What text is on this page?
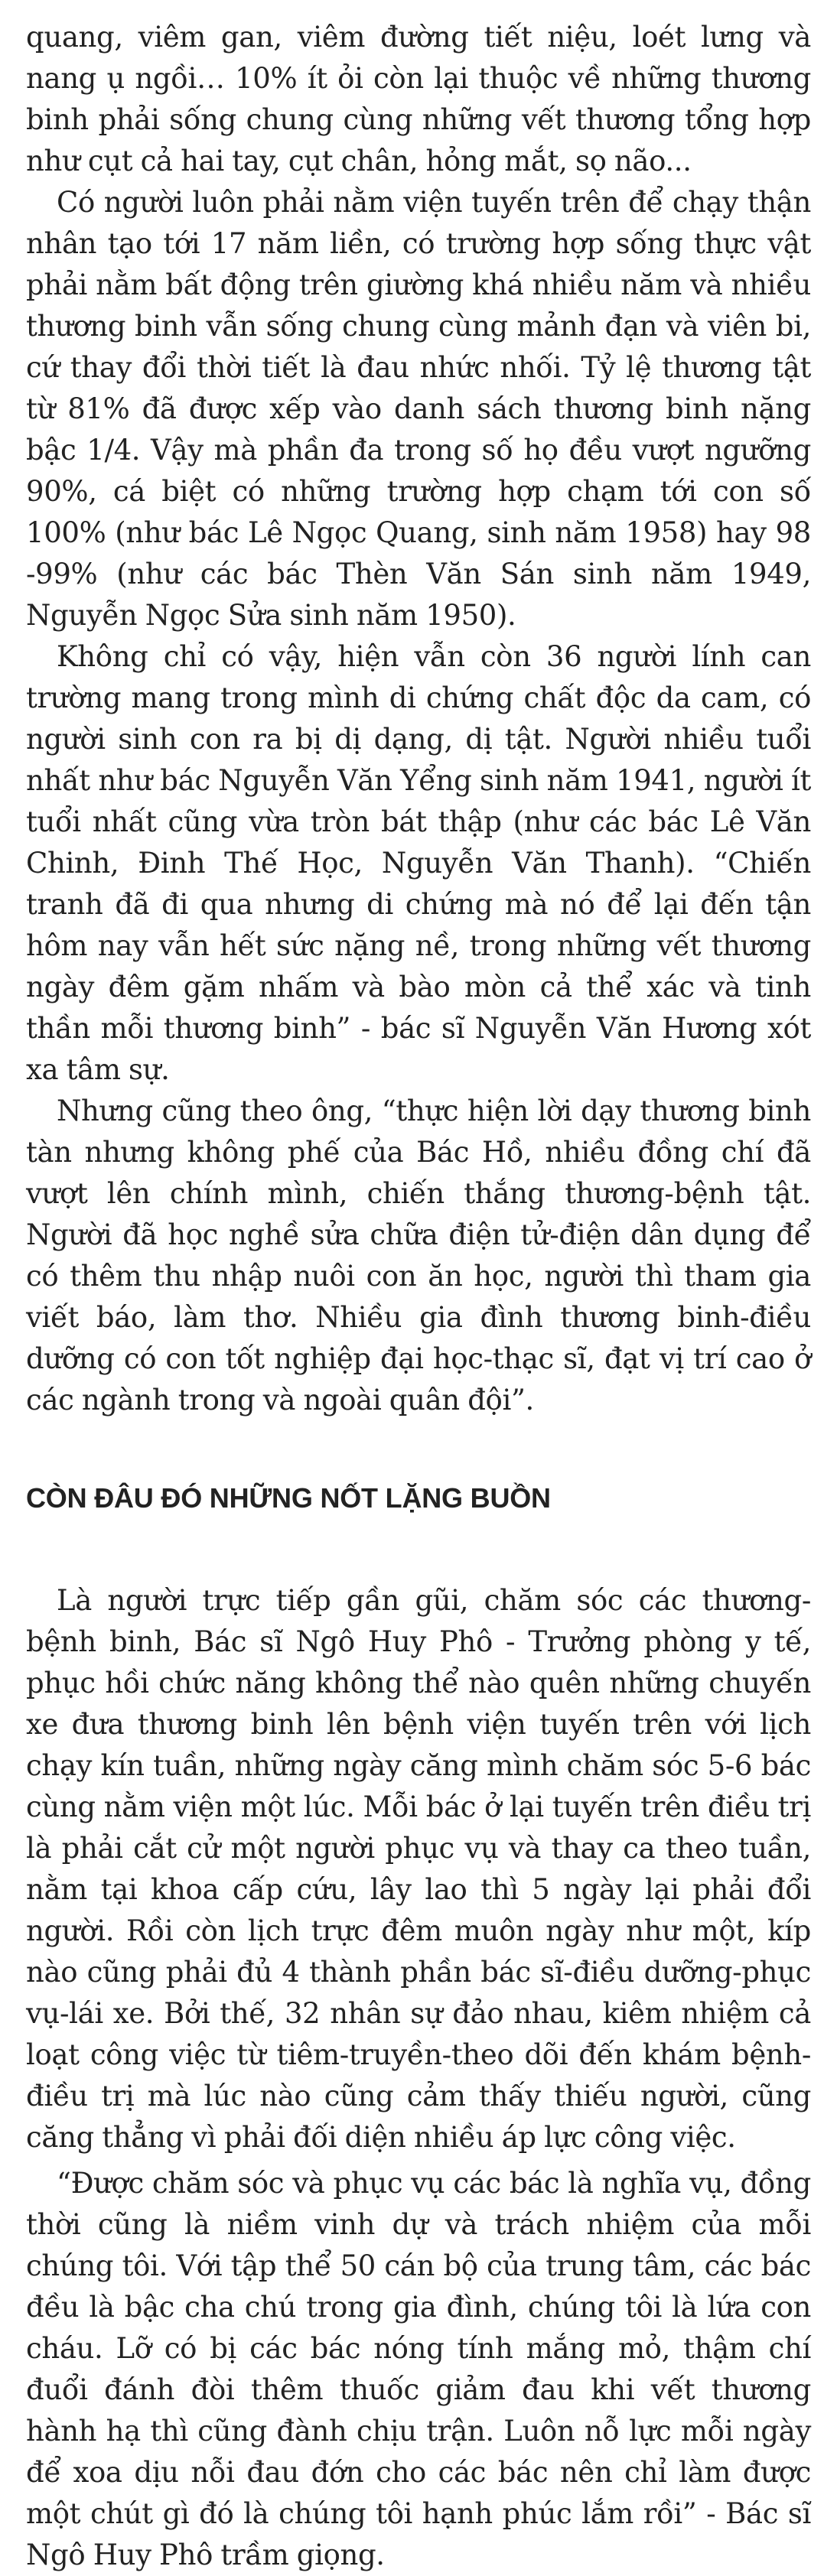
quang, viêm gan, viêm đường tiết niệu, loét lưng và nang ụ ngồi… 10% ít ỏi còn lại thuộc về những thương binh phải sống chung cùng những vết thương tổng hợp như cụt cả hai tay, cụt chân, hỏng mắt, sọ não...

Có người luôn phải nằm viện tuyến trên để chạy thận nhân tạo tới 17 năm liền, có trường hợp sống thực vật phải nằm bất động trên giường khá nhiều năm và nhiều thương binh vẫn sống chung cùng mảnh đạn và viên bi, cứ thay đổi thời tiết là đau nhức nhối. Tỷ lệ thương tật từ 81% đã được xếp vào danh sách thương binh nặng bậc 1/4. Vậy mà phần đa trong số họ đều vượt ngưỡng 90%, cá biệt có những trường hợp chạm tới con số 100% (như bác Lê Ngọc Quang, sinh năm 1958) hay 98 -99% (như các bác Thèn Văn Sán sinh năm 1949, Nguyễn Ngọc Sửa sinh năm 1950).

Không chỉ có vậy, hiện vẫn còn 36 người lính can trường mang trong mình di chứng chất độc da cam, có người sinh con ra bị dị dạng, dị tật. Người nhiều tuổi nhất như bác Nguyễn Văn Yểng sinh năm 1941, người ít tuổi nhất cũng vừa tròn bát thập (như các bác Lê Văn Chinh, Đinh Thế Học, Nguyễn Văn Thanh). “Chiến tranh đã đi qua nhưng di chứng mà nó để lại đến tận hôm nay vẫn hết sức nặng nề, trong những vết thương ngày đêm gặm nhấm và bào mòn cả thể xác và tinh thần mỗi thương binh” - bác sĩ Nguyễn Văn Hương xót xa tâm sự.

Nhưng cũng theo ông, “thực hiện lời dạy thương binh tàn nhưng không phế của Bác Hồ, nhiều đồng chí đã vượt lên chính mình, chiến thắng thương-bệnh tật. Người đã học nghề sửa chữa điện tử-điện dân dụng để có thêm thu nhập nuôi con ăn học, người thì tham gia viết báo, làm thơ. Nhiều gia đình thương binh-điều dưỡng có con tốt nghiệp đại học-thạc sĩ, đạt vị trí cao ở các ngành trong và ngoài quân đội”.

CÒN ĐÂU ĐÓ NHỮNG NỐT LẶNG BUỒN

Là người trực tiếp gần gũi, chăm sóc các thương-bệnh binh, Bác sĩ Ngô Huy Phô - Trưởng phòng y tế, phục hồi chức năng không thể nào quên những chuyến xe đưa thương binh lên bệnh viện tuyến trên với lịch chạy kín tuần, những ngày căng mình chăm sóc 5-6 bác cùng nằm viện một lúc. Mỗi bác ở lại tuyến trên điều trị là phải cắt cử một người phục vụ và thay ca theo tuần, nằm tại khoa cấp cứu, lây lao thì 5 ngày lại phải đổi người. Rồi còn lịch trực đêm muôn ngày như một, kíp nào cũng phải đủ 4 thành phần bác sĩ-điều dưỡng-phục vụ-lái xe. Bởi thế, 32 nhân sự đảo nhau, kiêm nhiệm cả loạt công việc từ tiêm-truyền-theo dõi đến khám bệnh-điều trị mà lúc nào cũng cảm thấy thiếu người, cũng căng thẳng vì phải đối diện nhiều áp lực công việc.

“Được chăm sóc và phục vụ các bác là nghĩa vụ, đồng thời cũng là niềm vinh dự và trách nhiệm của mỗi chúng tôi. Với tập thể 50 cán bộ của trung tâm, các bác đều là bậc cha chú trong gia đình, chúng tôi là lứa con cháu. Lỡ có bị các bác nóng tính mắng mỏ, thậm chí đuổi đánh đòi thêm thuốc giảm đau khi vết thương hành hạ thì cũng đành chịu trận. Luôn nỗ lực mỗi ngày để xoa dịu nỗi đau đớn cho các bác nên chỉ làm được một chút gì đó là chúng tôi hạnh phúc lắm rồi” - Bác sĩ Ngô Huy Phô trầm giọng.
